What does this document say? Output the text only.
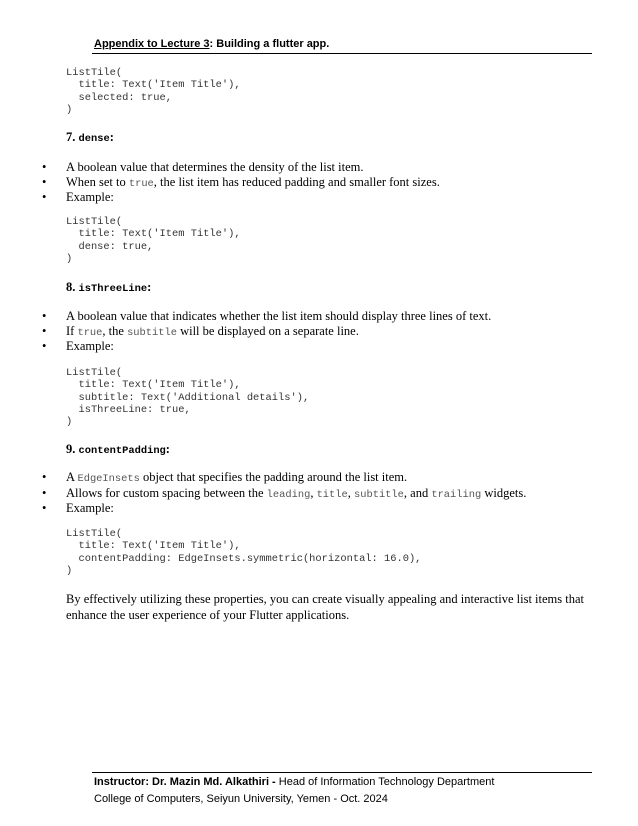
Appendix to Lecture 3: Building a flutter app.
ListTile(
title: Text('Item Title'),
selected: true,
)
7. dense:
• A boolean value that determines the density of the list item.
• When set to true, the list item has reduced padding and smaller font sizes.
• Example:
ListTile(
title: Text('Item Title'),
dense: true,
)
8. isThreeLine:
• A boolean value that indicates whether the list item should display three lines of text.
• If true, the subtitle will be displayed on a separate line.
• Example:
ListTile(
title: Text('Item Title'),
subtitle: Text('Additional details'),
isThreeLine: true,
)
9. contentPadding:
• A EdgeInsets object that specifies the padding around the list item.
• Allows for custom spacing between the leading, title, subtitle, and trailing widgets.
• Example:
ListTile(
title: Text('Item Title'),
contentPadding: EdgeInsets.symmetric(horizontal: 16.0),
)
By effectively utilizing these properties, you can create visually appealing and interactive list items that enhance the user experience of your Flutter applications.
Instructor: Dr. Mazin Md. Alkathiri - Head of Information Technology Department
College of Computers, Seiyun University, Yemen - Oct. 2024
